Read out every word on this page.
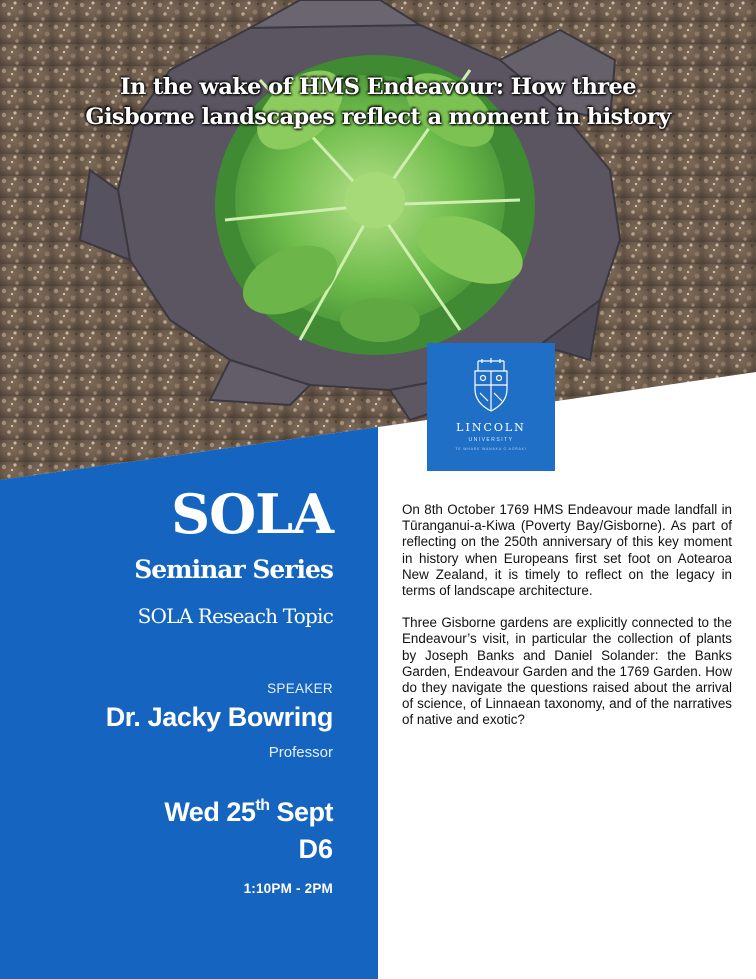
In the wake of HMS Endeavour: How three
Gisborne landscapes reflect a moment in history
LINCOLN
UNIVERSITY
TE WHARE WANAKA O AORAKI
SOLA
Seminar Series
SOLA Reseach Topic
SPEAKER
Dr. Jacky Bowring
Professor
Wed 25th Sept
D6
1:10PM - 2PM

On 8th October 1769 HMS Endeavour made landfall in Tūranganui-a-Kiwa (Poverty Bay/Gisborne). As part of reflecting on the 250th anniversary of this key moment in history when Europeans first set foot on Aotearoa New Zealand, it is timely to reflect on the legacy in terms of landscape architecture.

Three Gisborne gardens are explicitly connected to the Endeavour’s visit, in particular the collection of plants by Joseph Banks and Daniel Solander: the Banks Garden, Endeavour Garden and the 1769 Garden. How do they navigate the questions raised about the arrival of science, of Linnaean taxonomy, and of the narratives of native and exotic?
